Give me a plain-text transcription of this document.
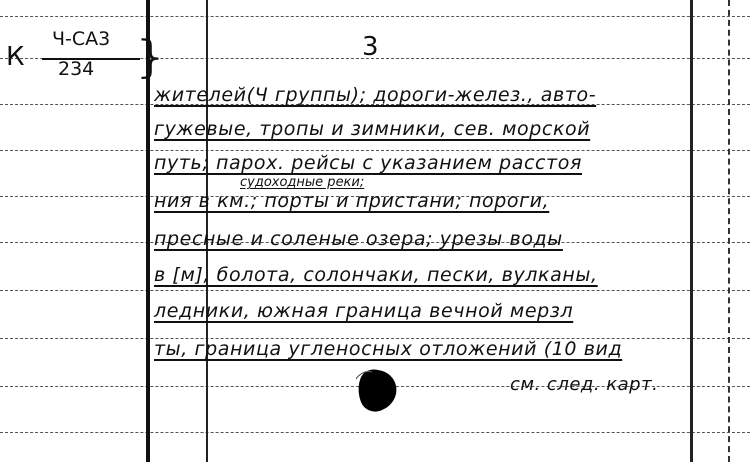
К
Ч-СА3
234 }	3
жителей(Ч группы); дороги-желез., авто-
гужевые, тропы и зимники, сев. морской
путь; парох. рейсы с указанием расстоя
судоходные реки;
ния в км.; порты и пристани; пороги,
пресные и соленые озера; урезы воды
в [м], болота, солончаки, пески, вулканы,
ледники, южная граница вечной мерзл
ты, граница угленосных отложений (10 вид
см. след. карт.
